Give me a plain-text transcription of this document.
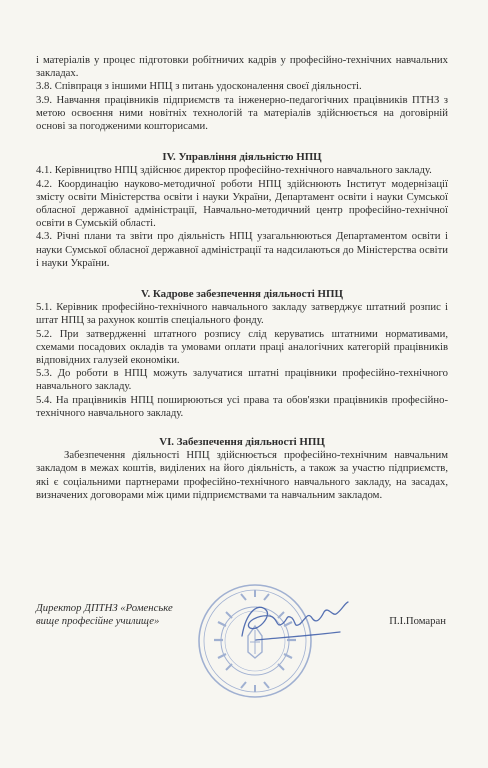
і матеріалів у процес підготовки робітничих кадрів у професійно-технічних навчальних закладах.

3.8. Співпраця з іншими НПЦ з питань удосконалення своєї діяльності.

3.9. Навчання працівників підприємств та інженерно-педагогічних працівників ПТНЗ з метою освоєння ними новітніх технологій та матеріалів здійснюється на договірній основі за погодженими кошторисами.

IV. Управління діяльністю НПЦ

4.1. Керівництво НПЦ здійснює директор професійно-технічного навчального закладу.

4.2. Координацію науково-методичної роботи НПЦ здійснюють Інститут модернізації змісту освіти Міністерства освіти і науки України, Департамент освіти і науки Сумської обласної державної адміністрації, Навчально-методичний центр професійно-технічної освіти в Сумській області.

4.3. Річні плани та звіти про діяльність НПЦ узагальнюються Департаментом освіти і науки Сумської обласної державної адміністрації та надсилаються до Міністерства освіти і науки України.

V. Кадрове забезпечення діяльності НПЦ

5.1. Керівник професійно-технічного навчального закладу затверджує штатний розпис і штат НПЦ за рахунок коштів спеціального фонду.

5.2. При затвердженні штатного розпису слід керуватись штатними нормативами, схемами посадових окладів та умовами оплати праці аналогічних категорій працівників відповідних галузей економіки.

5.3. До роботи в НПЦ можуть залучатися штатні працівники професійно-технічного навчального закладу.

5.4. На працівників НПЦ поширюються усі права та обов'язки працівників професійно-технічного навчального закладу.

VI. Забезпечення діяльності НПЦ

Забезпечення діяльності НПЦ здійснюється професійно-технічним навчальним закладом в межах коштів, виділених на його діяльність, а також за участю підприємств, які є соціальними партнерами професійно-технічного навчального закладу, на засадах, визначених договорами між цими підприємствами та навчальним закладом.

Директор ДПТНЗ «Роменське
вище професійне училище»	П.І.Помаран
